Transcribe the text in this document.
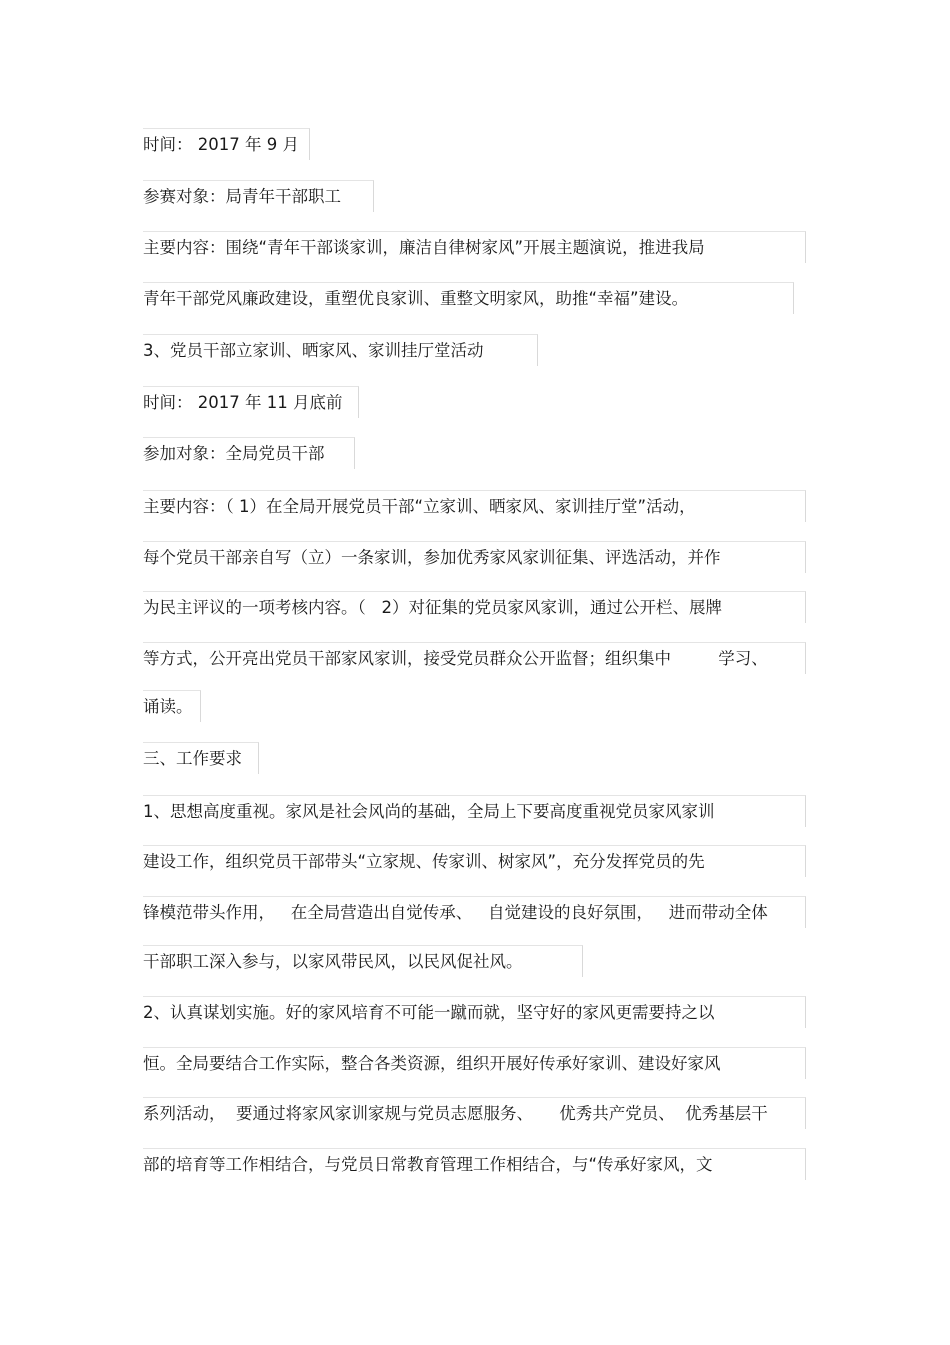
时间： 2017 年 9 月
参赛对象：局青年干部职工
主要内容：围绕“青年干部谈家训，廉洁自律树家风”开展主题演说，推进我局
青年干部党风廉政建设，重塑优良家训、重整文明家风，助推“幸福”建设。
3、党员干部立家训、晒家风、家训挂厅堂活动
时间： 2017 年 11 月底前
参加对象：全局党员干部
主要内容：（ 1）在全局开展党员干部“立家训、晒家风、家训挂厅堂”活动，
每个党员干部亲自写（立）一条家训，参加优秀家风家训征集、评选活动，并作
为民主评议的一项考核内容。（   2）对征集的党员家风家训，通过公开栏、展牌
等方式，公开亮出党员干部家风家训，接受党员群众公开监督；组织集中         学习、
诵读。
三、工作要求
1、思想高度重视。家风是社会风尚的基础，全局上下要高度重视党员家风家训
建设工作，组织党员干部带头“立家规、传家训、树家风”，充分发挥党员的先
锋模范带头作用，   在全局营造出自觉传承、   自觉建设的良好氛围，   进而带动全体
干部职工深入参与，以家风带民风，以民风促社风。
2、认真谋划实施。好的家风培育不可能一蹴而就，坚守好的家风更需要持之以
恒。全局要结合工作实际，整合各类资源，组织开展好传承好家训、建设好家风
系列活动，  要通过将家风家训家规与党员志愿服务、     优秀共产党员、  优秀基层干
部的培育等工作相结合，与党员日常教育管理工作相结合，与“传承好家风，文
